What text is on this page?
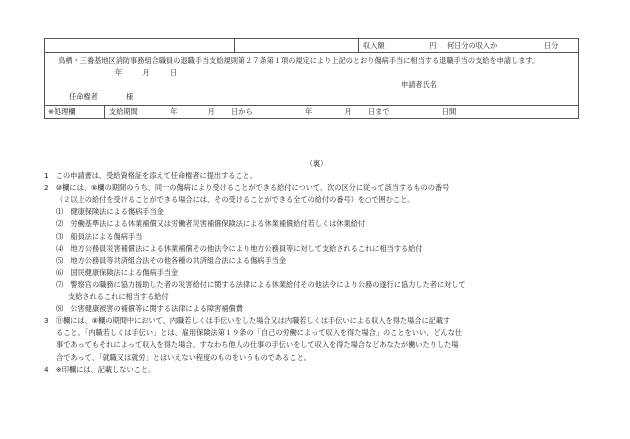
		収入額	円 何日分の収入か	日分

鳥栖・三養基地区消防事務組合職員の退職手当支給規則第２７条第１項の規定により上記のとおり傷病手当に相当する退職手当の支給を申請します。
年	月	日
申請者氏名
任命権者	様

※処理欄	支給期間	年	月 日から	年	月 日まで	日間

（裏）

1　この申請書は、受給資格証を添えて任命権者に提出すること。

2　⑩欄には、⑧欄の期間のうち、同一の傷病により受けることができる給付について、次の区分に従って該当するものの番号

（２以上の給付を受けることができる場合には、その受けることができる全ての給付の番号）を○で囲むこと。

⑴　健康保険法による傷病手当金

⑵　労働基準法による休業補償又は労働者災害補償保険法による休業補償給付若しくは休業給付

⑶　船員法による傷病手当

⑷　地方公務員災害補償法による休業補償その他法令により地方公務員等に対して支給されるこれに相当する給付

⑸　地方公務員等共済組合法その他各種の共済組合法による傷病手当金

⑹　国民健康保険法による傷病手当金

⑺　警察官の職務に協力援助した者の災害給付に関する法律による休業給付その他法令により公務の遂行に協力した者に対して

支給されるこれに相当する給付

⑻　公害健康被害の補償等に関する法律による障害補償費

3　⑪欄には、⑧欄の期間中において、内職若しくは手伝いをした場合又は内職若しくは手伝いによる収入を得た場合に記載す

ること。「内職若しくは手伝い」とは、雇用保険法第１９条の「自己の労働によって収入を得た場合」のことをいい、どんな仕

事であってもそれによって収入を得た場合、すなわち他人の仕事の手伝いをして収入を得た場合などあなたが働いたりした場

合であって、「就職又は就労」とはいえない程度のものをいうものであること。

4　※印欄には、記載しないこと。
